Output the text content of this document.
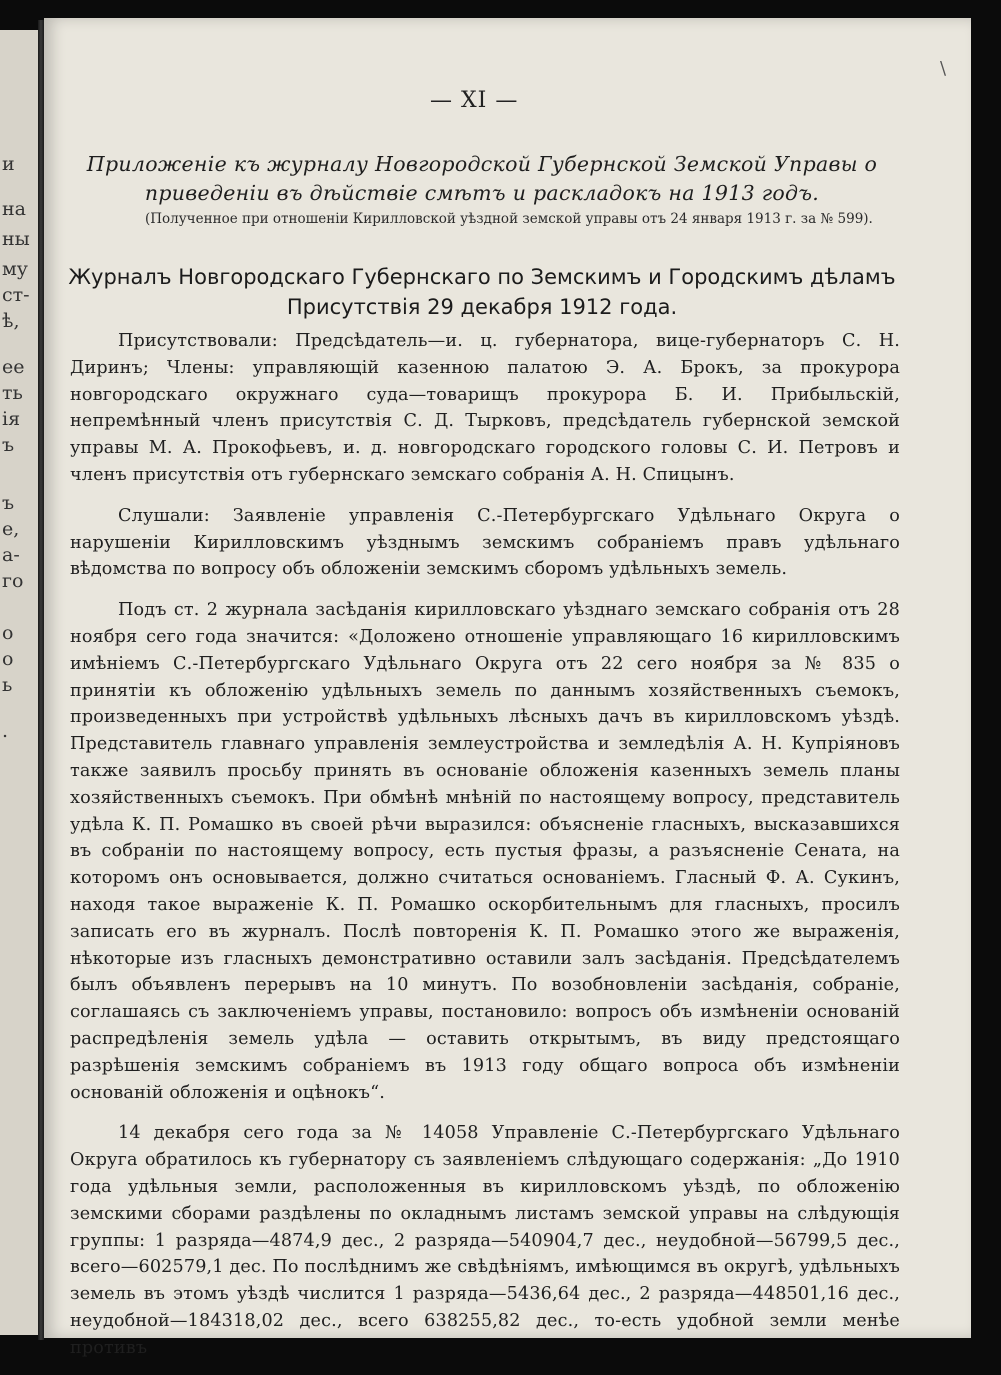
и
на
ны
му
ст-
ѣ,
ее
ть
ія
ъ
ъ
е,
а-
го
о
о
ь
.
\
— XI —
Приложеніе къ журналу Новгородской Губернской Земской Управы о приведеніи въ дѣйствіе смѣтъ и раскладокъ на 1913 годъ.
(Полученное при отношеніи Кирилловской уѣздной земской управы отъ 24 января 1913 г. за № 599).
Журналъ Новгородскаго Губернскаго по Земскимъ и Городскимъ дѣламъ
Присутствія 29 декабря 1912 года.

Присутствовали: Предсѣдатель—и. ц. губернатора, вице-губернаторъ С. Н. Диринъ; Члены: управляющій казенною палатою Э. А. Брокъ, за прокурора новгородскаго окружнаго суда—товарищъ прокурора Б. И. Прибыльскій, непремѣнный членъ присутствія С. Д. Тырковъ, предсѣдатель губернской земской управы М. А. Прокофьевъ, и. д. новгородскаго городского головы С. И. Петровъ и членъ присутствія отъ губернскаго земскаго собранія А. Н. Спицынъ.

Слушали: Заявленіе управленія С.-Петербургскаго Удѣльнаго Округа о нарушеніи Кирилловскимъ уѣзднымъ земскимъ собраніемъ правъ удѣльнаго вѣдомства по вопросу объ обложеніи земскимъ сборомъ удѣльныхъ земель.

Подъ ст. 2 журнала засѣданія кирилловскаго уѣзднаго земскаго собранія отъ 28 ноября сего года значится: «Доложено отношеніе управляющаго 16 кирилловскимъ имѣніемъ С.-Петербургскаго Удѣльнаго Округа отъ 22 сего ноября за № 835 о принятіи къ обложенію удѣльныхъ земель по даннымъ хозяйственныхъ съемокъ, произведенныхъ при устройствѣ удѣльныхъ лѣсныхъ дачъ въ кирилловскомъ уѣздѣ. Представитель главнаго управленія землеустройства и земледѣлія А. Н. Купріяновъ также заявилъ просьбу принять въ основаніе обложенія казенныхъ земель планы хозяйственныхъ съемокъ. При обмѣнѣ мнѣній по настоящему вопросу, представитель удѣла К. П. Ромашко въ своей рѣчи выразился: объясненіе гласныхъ, высказавшихся въ собраніи по настоящему вопросу, есть пустыя фразы, а разъясненіе Сената, на которомъ онъ основывается, должно считаться основаніемъ. Гласный Ф. А. Сукинъ, находя такое выраженіе К. П. Ромашко оскорбительнымъ для гласныхъ, просилъ записать его въ журналъ. Послѣ повторенія К. П. Ромашко этого же выраженія, нѣкоторые изъ гласныхъ демонстративно оставили залъ засѣданія. Предсѣдателемъ былъ объявленъ перерывъ на 10 минутъ. По возобновленіи засѣданія, собраніе, соглашаясь съ заключеніемъ управы, постановило: вопросъ объ измѣненіи основаній распредѣленія земель удѣла — оставить открытымъ, въ виду предстоящаго разрѣшенія земскимъ собраніемъ въ 1913 году общаго вопроса объ измѣненіи основаній обложенія и оцѣнокъ“.

14 декабря сего года за № 14058 Управленіе С.-Петербургскаго Удѣльнаго Округа обратилось къ губернатору съ заявленіемъ слѣдующаго содержанія: „До 1910 года удѣльныя земли, расположенныя въ кирилловскомъ уѣздѣ, по обложенію земскими сборами раздѣлены по окладнымъ листамъ земской управы на слѣдующія группы: 1 разряда—4874,9 дес., 2 разряда—540904,7 дес., неудобной—56799,5 дес., всего—602579,1 дес. По послѣднимъ же свѣдѣніямъ, имѣющимся въ округѣ, удѣльныхъ земель въ этомъ уѣздѣ числится 1 разряда—5436,64 дес., 2 разряда—448501,16 дес., неудобной—184318,02 дес., всего 638255,82 дес., то-есть удобной земли менѣе противъ
